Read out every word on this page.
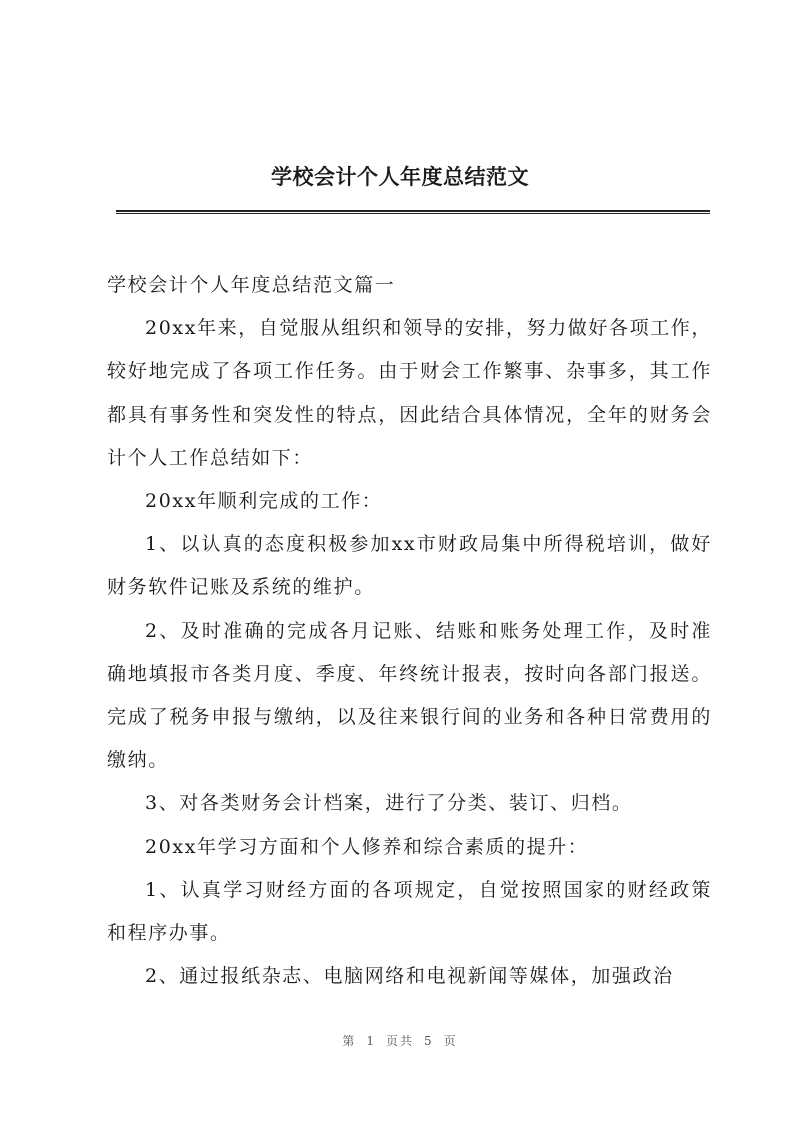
学校会计个人年度总结范文

学校会计个人年度总结范文篇一

20xx年来，自觉服从组织和领导的安排，努力做好各项工作，较好地完成了各项工作任务。由于财会工作繁事、杂事多，其工作都具有事务性和突发性的特点，因此结合具体情况，全年的财务会计个人工作总结如下：

20xx年顺利完成的工作：

1、以认真的态度积极参加xx市财政局集中所得税培训，做好财务软件记账及系统的维护。

2、及时准确的完成各月记账、结账和账务处理工作，及时准确地填报市各类月度、季度、年终统计报表，按时向各部门报送。完成了税务申报与缴纳，以及往来银行间的业务和各种日常费用的缴纳。

3、对各类财务会计档案，进行了分类、装订、归档。

20xx年学习方面和个人修养和综合素质的提升：

1、认真学习财经方面的各项规定，自觉按照国家的财经政策和程序办事。

2、通过报纸杂志、电脑网络和电视新闻等媒体，加强政治

第 1 页共 5 页
